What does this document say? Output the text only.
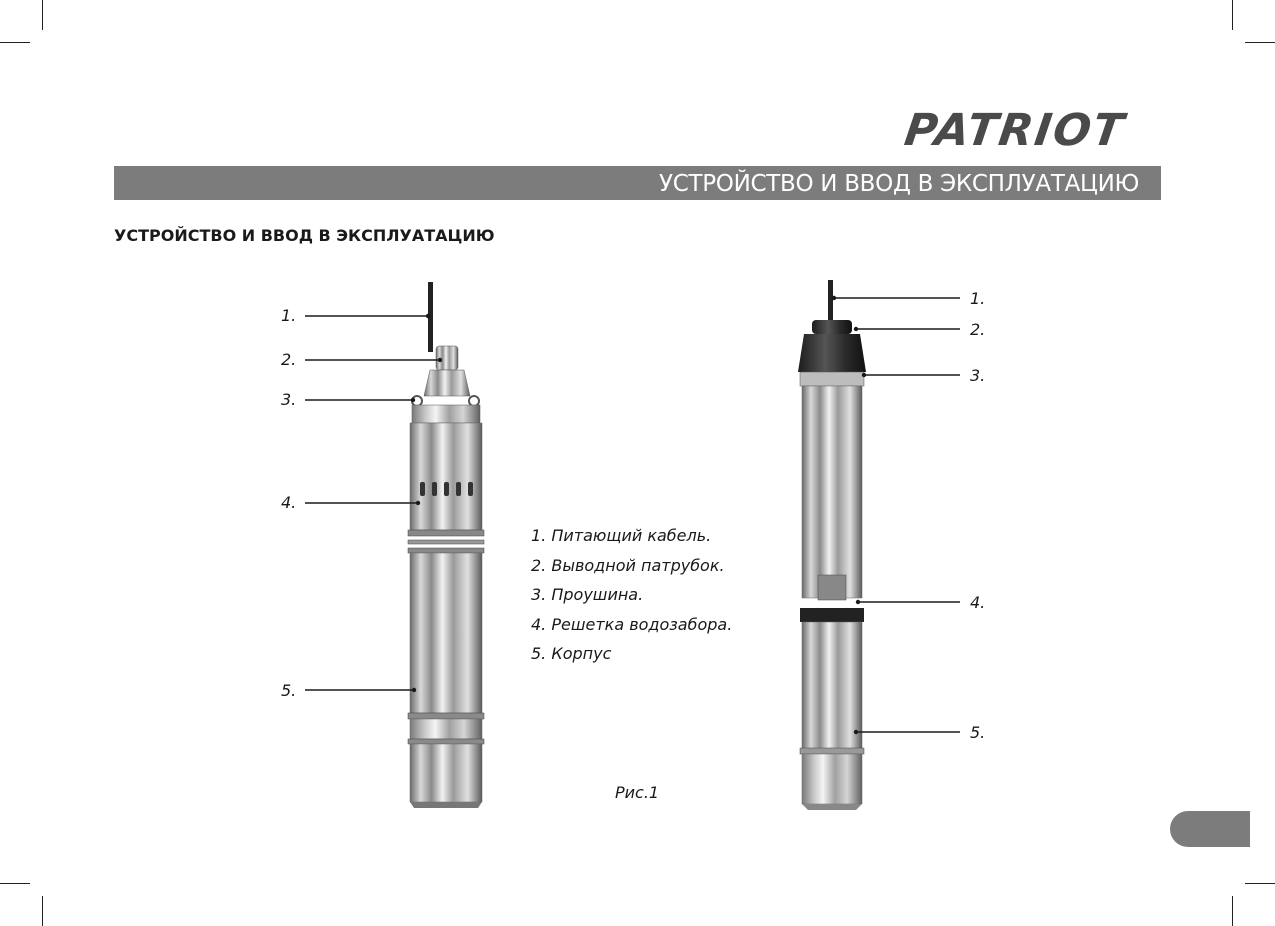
PATRIOT
УСТРОЙСТВО И ВВОД В ЭКСПЛУАТАЦИЮ
УСТРОЙСТВО И ВВОД В ЭКСПЛУАТАЦИЮ
1.
2.
3.
4.
5.
1.
2.
3.
4.
5.
1. Питающий кабель.
2. Выводной патрубок.
3. Проушина.
4. Решетка водозабора.
5. Корпус
Рис.1
